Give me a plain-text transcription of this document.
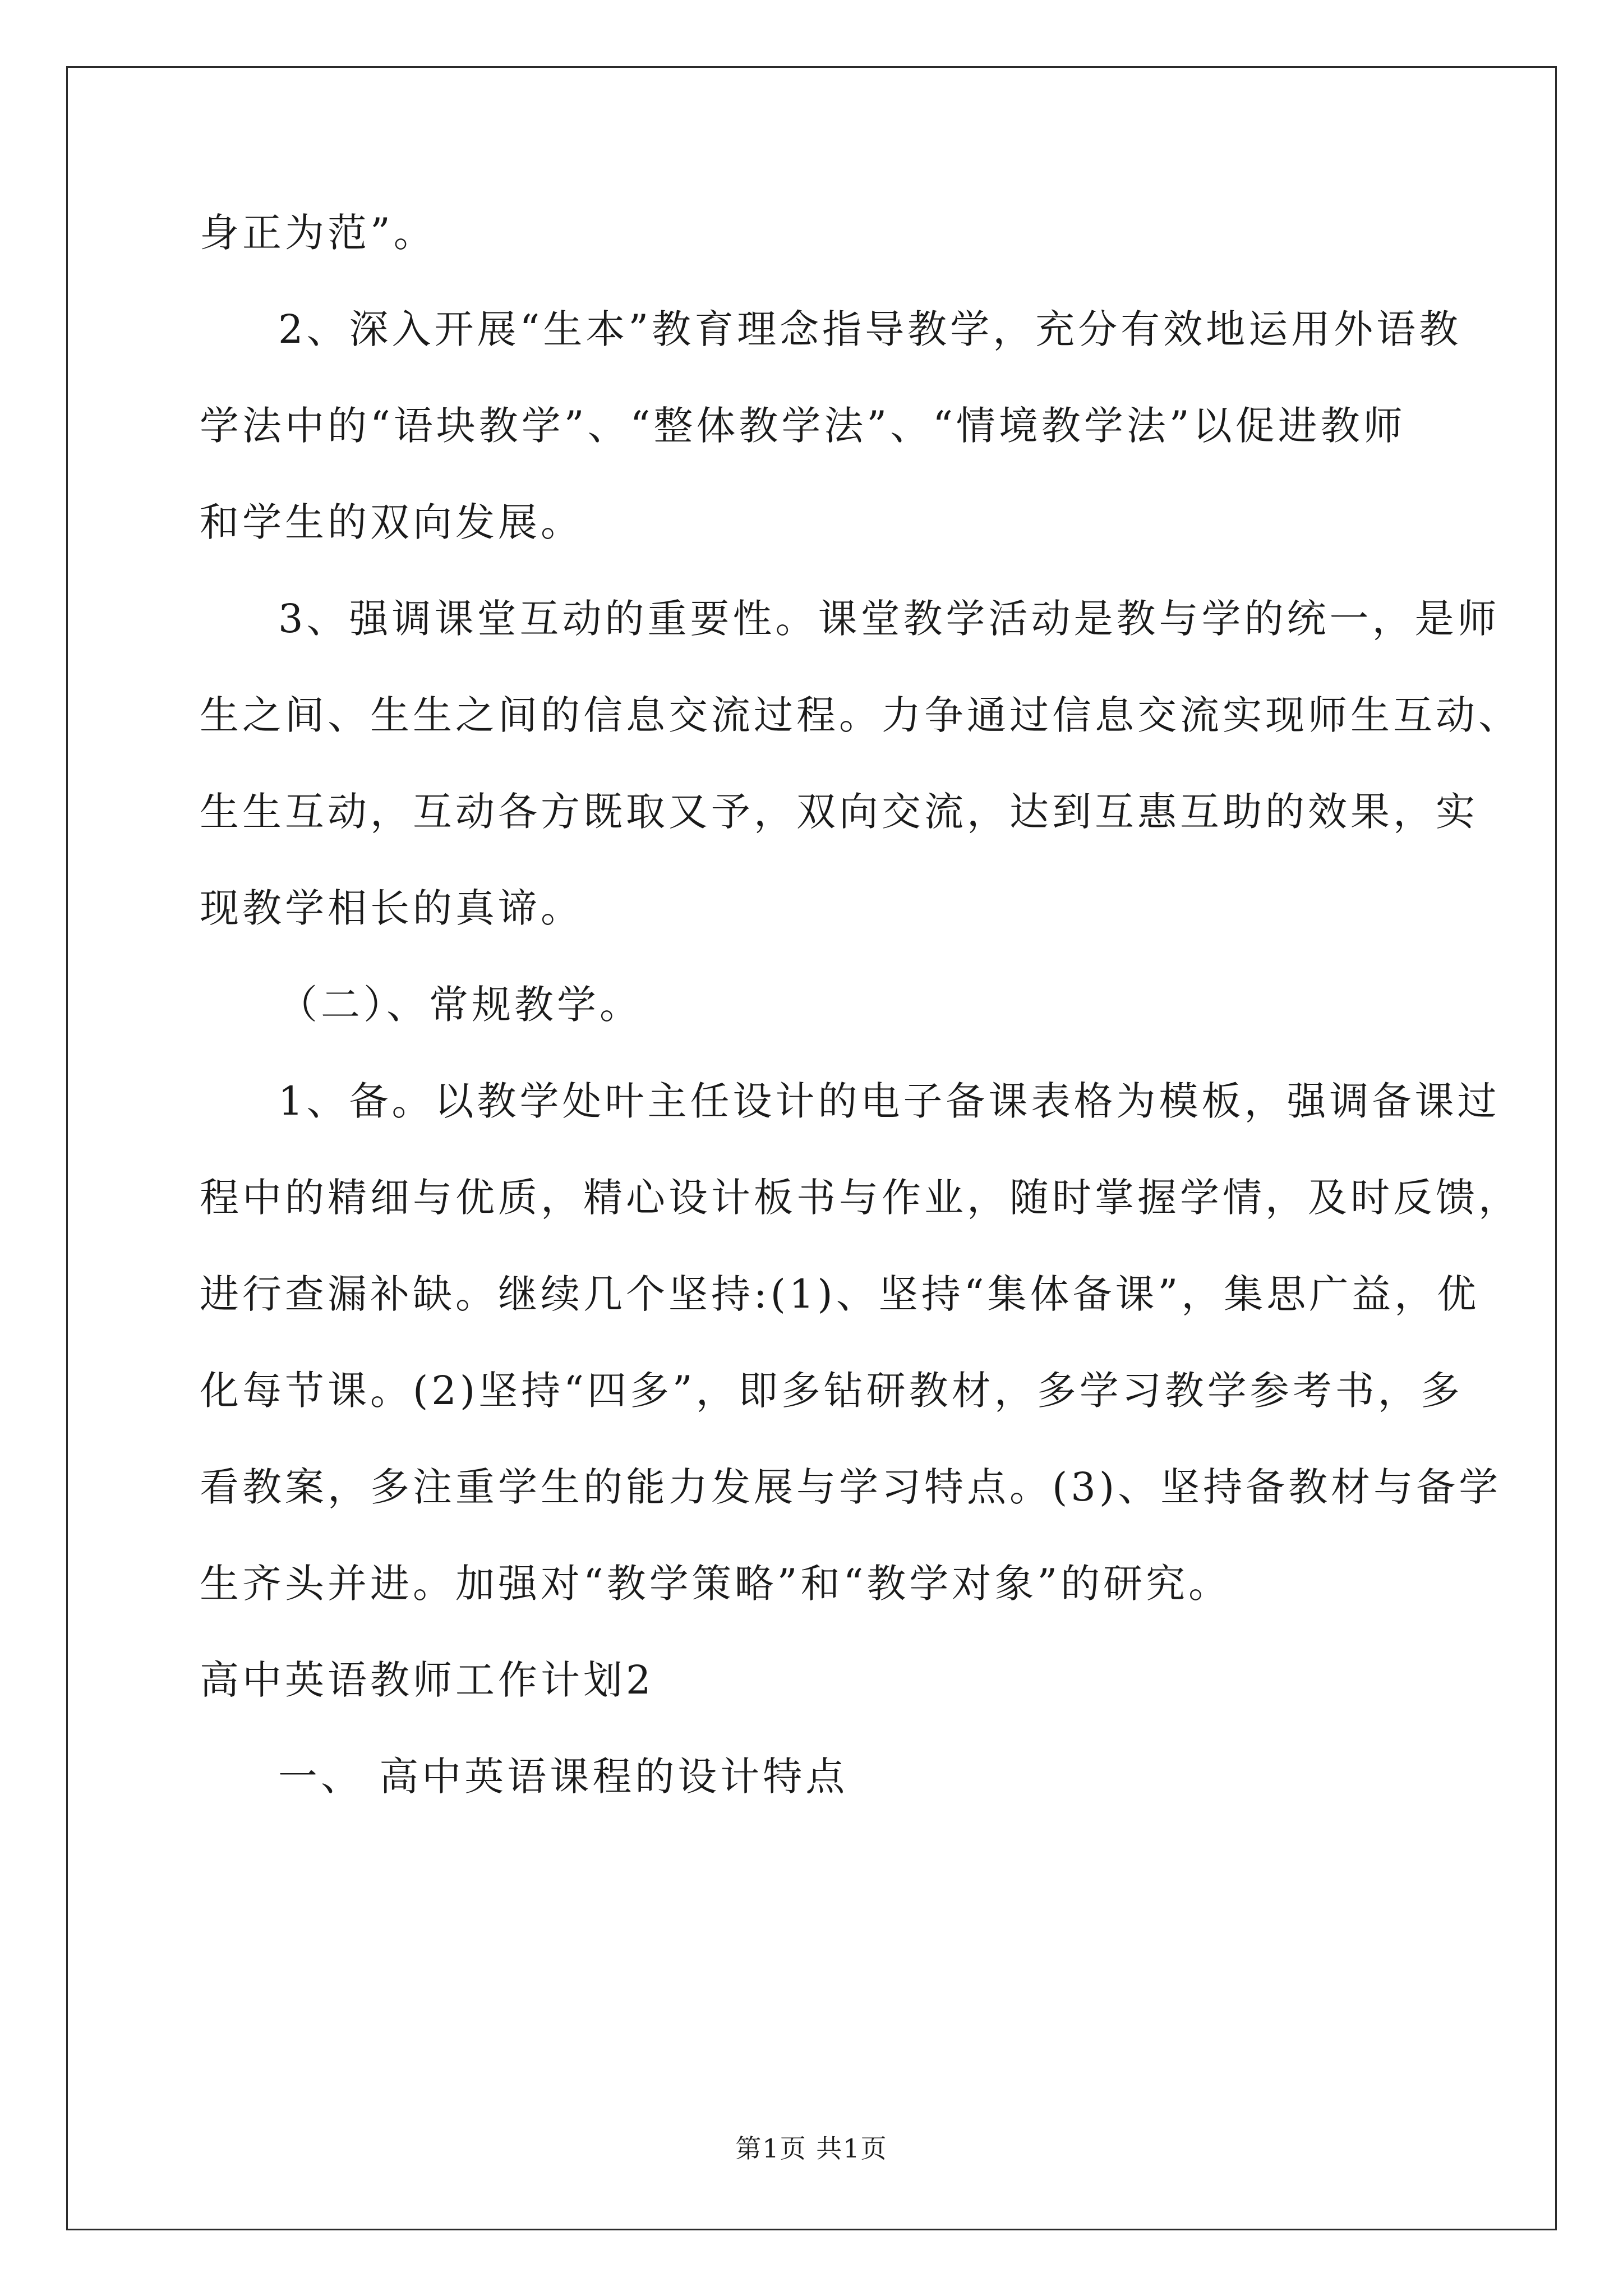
身正为范”。
2、深入开展“生本”教育理念指导教学，充分有效地运用外语教
学法中的“语块教学”、“整体教学法”、“情境教学法”以促进教师
和学生的双向发展。
3、强调课堂互动的重要性。课堂教学活动是教与学的统一，是师
生之间、生生之间的信息交流过程。力争通过信息交流实现师生互动、
生生互动，互动各方既取又予，双向交流，达到互惠互助的效果，实
现教学相长的真谛。
（二）、常规教学。
1、备。以教学处叶主任设计的电子备课表格为模板，强调备课过
程中的精细与优质，精心设计板书与作业，随时掌握学情，及时反馈，
进行查漏补缺。继续几个坚持:(1)、坚持“集体备课”，集思广益，优
化每节课。(2)坚持“四多”，即多钻研教材，多学习教学参考书，多
看教案，多注重学生的能力发展与学习特点。(3)、坚持备教材与备学
生齐头并进。加强对“教学策略”和“教学对象”的研究。
高中英语教师工作计划2
一、 高中英语课程的设计特点
第1页 共1页
